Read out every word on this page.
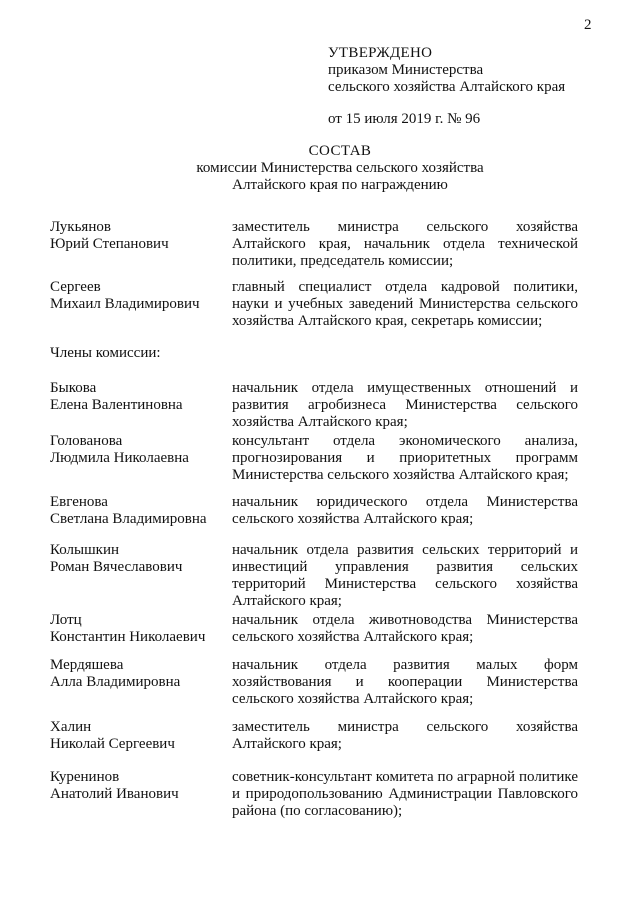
2
УТВЕРЖДЕНО
приказом Министерства
сельского хозяйства Алтайского края
от 15 июля 2019 г. № 96
СОСТАВ
комиссии Министерства сельского хозяйства
Алтайского края по награждению
Лукьянов
Юрий Степанович
заместитель министра сельского хозяйства Алтайского края, начальник отдела технической политики, председатель комиссии;
Сергеев
Михаил Владимирович
главный специалист отдела кадровой политики, науки и учебных заведений Министерства сельского хозяйства Алтайского края, секретарь комиссии;
Члены комиссии:
Быкова
Елена Валентиновна
начальник отдела имущественных отношений и развития агробизнеса Министерства сельского хозяйства Алтайского края;
Голованова
Людмила Николаевна
консультант отдела экономического анализа, прогнозирования и приоритетных программ Министерства сельского хозяйства Алтайского края;
Евгенова
Светлана Владимировна
начальник юридического отдела Министерства сельского хозяйства Алтайского края;
Колышкин
Роман Вячеславович
начальник отдела развития сельских территорий и инвестиций управления развития сельских территорий Министерства сельского хозяйства Алтайского края;
Лотц
Константин Николаевич
начальник отдела животноводства Министерства сельского хозяйства Алтайского края;
Мердяшева
Алла Владимировна
начальник отдела развития малых форм хозяйствования и кооперации Министерства сельского хозяйства Алтайского края;
Халин
Николай Сергеевич
заместитель министра сельского хозяйства Алтайского края;
Куренинов
Анатолий Иванович
советник-консультант комитета по аграрной политике и природопользованию Администрации Павловского района (по согласованию);
